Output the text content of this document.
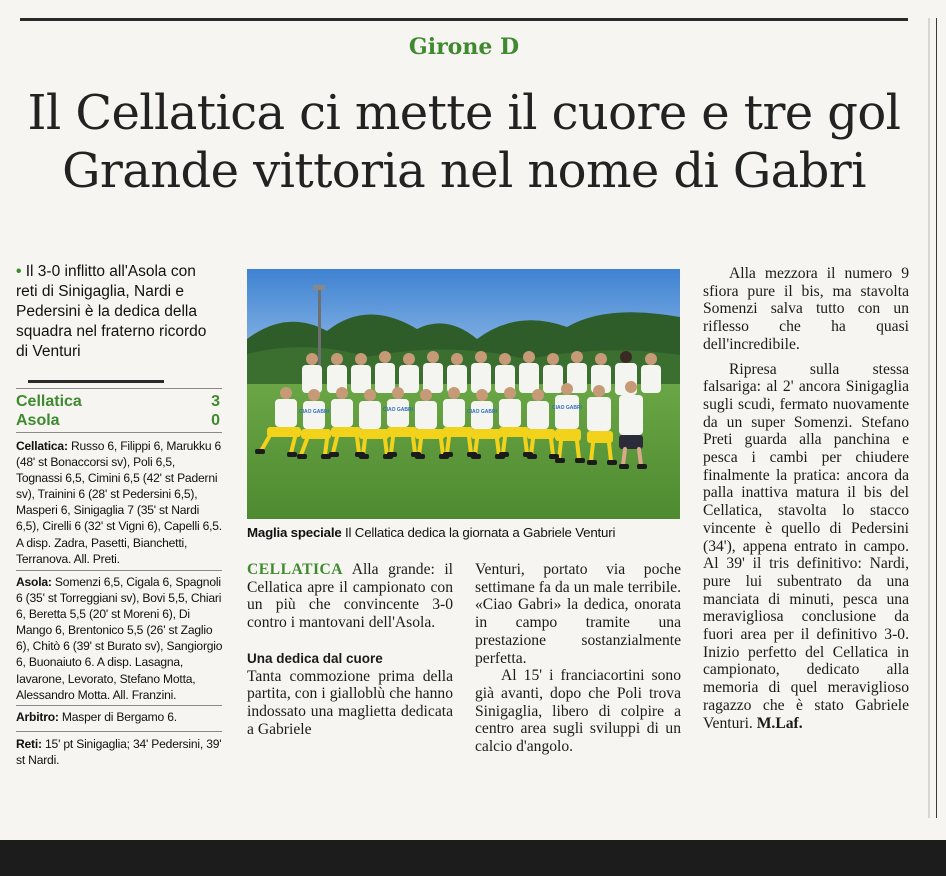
Girone D
Il Cellatica ci mette il cuore e tre gol
Grande vittoria nel nome di Gabri
• Il 3-0 inflitto all'Asola con reti di Sinigaglia, Nardi e Pedersini è la dedica della squadra nel fraterno ricordo di Venturi
Cellatica	3
Asola	0
Cellatica: Russo 6, Filippi 6, Marukku 6 (48' st Bonaccorsi sv), Poli 6,5, Tognassi 6,5, Cimini 6,5 (42' st Paderni sv), Trainini 6 (28' st Pedersini 6,5), Masperi 6, Sinigaglia 7 (35' st Nardi 6,5), Cirelli 6 (32' st Vigni 6), Capelli 6,5. A disp. Zadra, Pasetti, Bianchetti, Terranova. All. Preti.
Asola: Somenzi 6,5, Cigala 6, Spagnoli 6 (35' st Torreggiani sv), Bovi 5,5, Chiari 6, Beretta 5,5 (20' st Moreni 6), Di Mango 6, Brentonico 5,5 (26' st Zaglio 6), Chitò 6 (39' st Burato sv), Sangiorgio 6, Buonaiuto 6. A disp. Lasagna, Iavarone, Levorato, Stefano Motta, Alessandro Motta. All. Franzini.
Arbitro: Masper di Bergamo 6.
Reti: 15' pt Sinigaglia; 34' Pedersini, 39' st Nardi.
CIAO GABRI	CIAO GABRI	CIAO GABRI
CIAO GABRI
Maglia speciale Il Cellatica dedica la giornata a Gabriele Venturi

CELLATICA Alla grande: il Cellatica apre il campionato con un più che convincente 3-0 contro i mantovani dell'Asola.

Una dedica dal cuore

Tanta commozione prima della partita, con i gialloblù che hanno indossato una maglietta dedicata a Gabriele

Venturi, portato via poche settimane fa da un male terribile. «Ciao Gabri» la dedica, onorata in campo tramite una prestazione sostanzialmente perfetta.

Al 15' i franciacortini sono già avanti, dopo che Poli trova Sinigaglia, libero di colpire a centro area sugli sviluppi di un calcio d'angolo.

Alla mezzora il numero 9 sfiora pure il bis, ma stavolta Somenzi salva tutto con un riflesso che ha quasi dell'incredibile.

Ripresa sulla stessa falsariga: al 2' ancora Sinigaglia sugli scudi, fermato nuovamente da un super Somenzi. Stefano Preti guarda alla panchina e pesca i cambi per chiudere finalmente la pratica: ancora da palla inattiva matura il bis del Cellatica, stavolta lo stacco vincente è quello di Pedersini (34'), appena entrato in campo. Al 39' il tris definitivo: Nardi, pure lui subentrato da una manciata di minuti, pesca una meravigliosa conclusione da fuori area per il definitivo 3-0. Inizio perfetto del Cellatica in campionato, dedicato alla memoria di quel meraviglioso ragazzo che è stato Gabriele Venturi. M.Laf.
